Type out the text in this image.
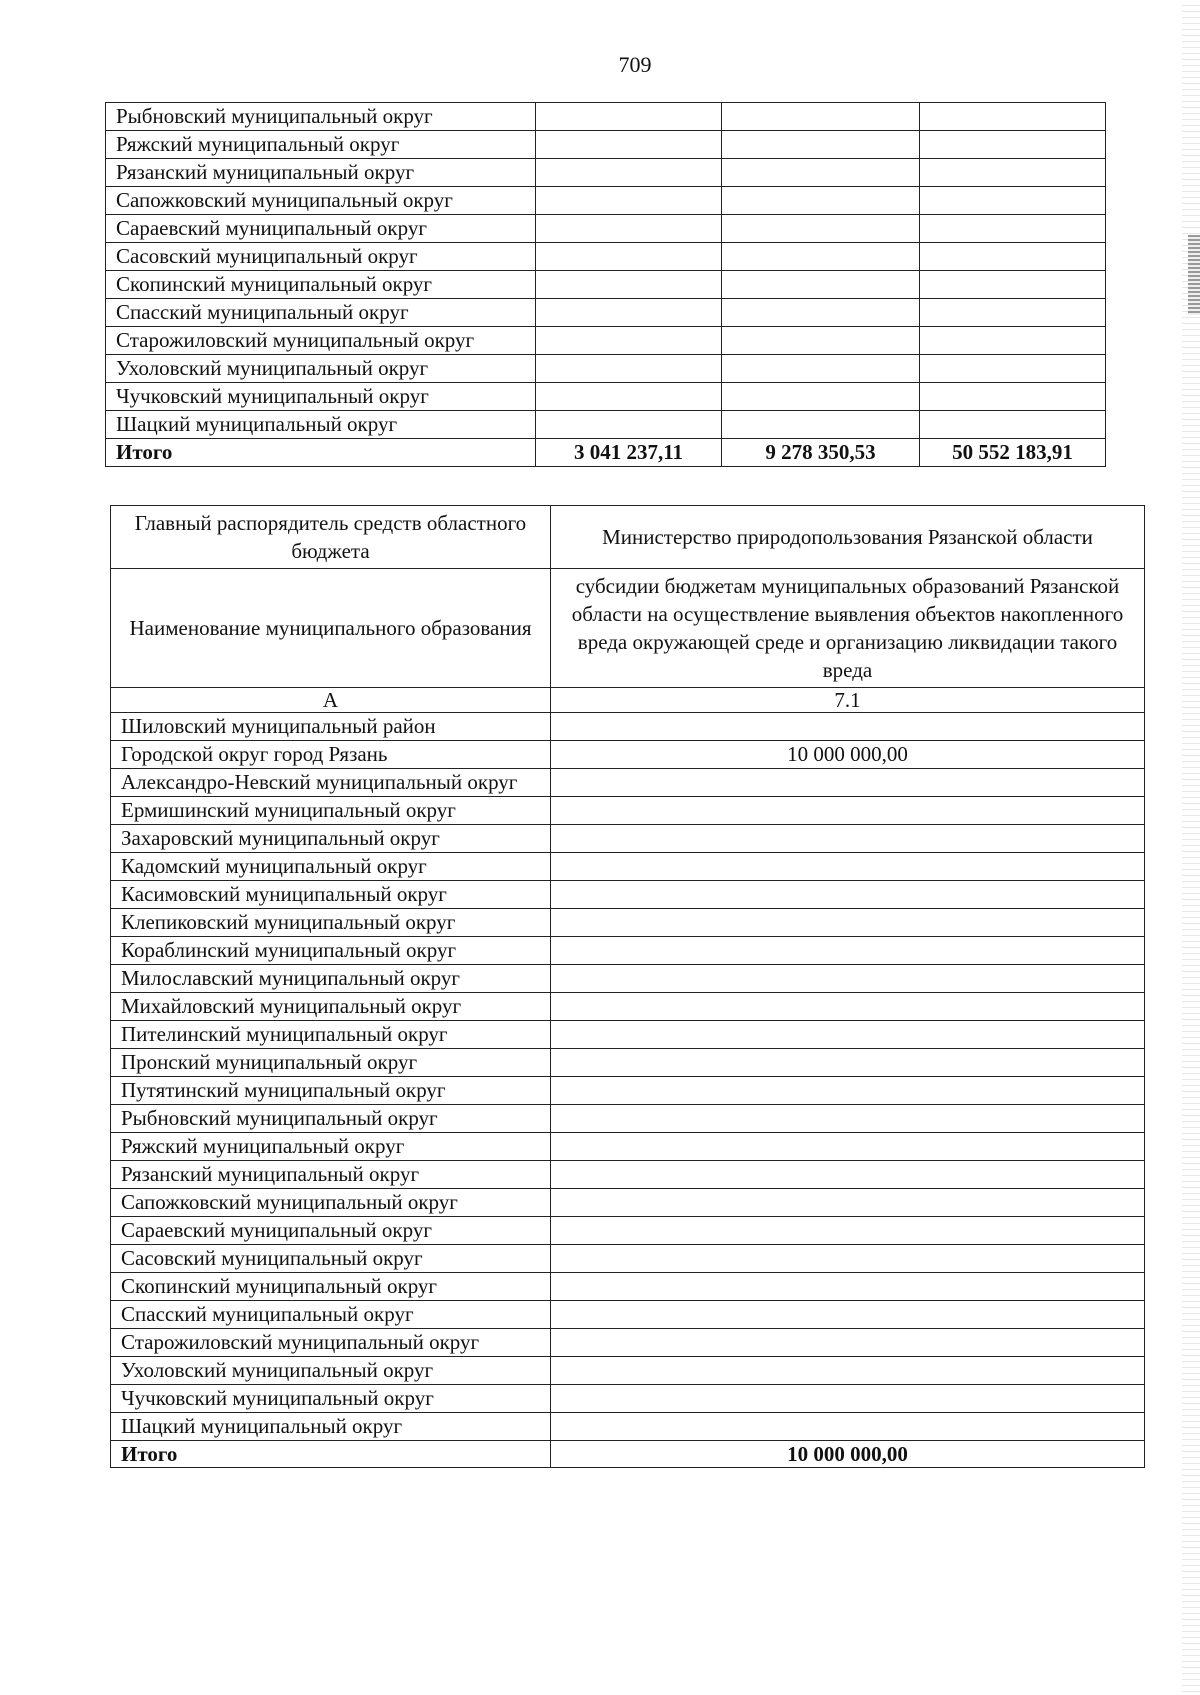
709
Рыбновский муниципальный округ			
Ряжский муниципальный округ			
Рязанский муниципальный округ			
Сапожковский муниципальный округ			
Сараевский муниципальный округ			
Сасовский муниципальный округ			
Скопинский муниципальный округ			
Спасский муниципальный округ			
Старожиловский муниципальный округ			
Ухоловский муниципальный округ			
Чучковский муниципальный округ			
Шацкий муниципальный округ			
Итого	3 041 237,11	9 278 350,53	50 552 183,91
Главный распорядитель средств областного бюджета	Министерство природопользования Рязанской области
Наименование муниципального образования	субсидии бюджетам муниципальных образований Рязанской области на осуществление выявления объектов накопленного вреда окружающей среде и организацию ликвидации такого вреда
А	7.1
Шиловский муниципальный район	
Городской округ город Рязань	10 000 000,00
Александро-Невский муниципальный округ	
Ермишинский муниципальный округ	
Захаровский муниципальный округ	
Кадомский муниципальный округ	
Касимовский муниципальный округ	
Клепиковский муниципальный округ	
Кораблинский муниципальный округ	
Милославский муниципальный округ	
Михайловский муниципальный округ	
Пителинский муниципальный округ	
Пронский муниципальный округ	
Путятинский муниципальный округ	
Рыбновский муниципальный округ	
Ряжский муниципальный округ	
Рязанский муниципальный округ	
Сапожковский муниципальный округ	
Сараевский муниципальный округ	
Сасовский муниципальный округ	
Скопинский муниципальный округ	
Спасский муниципальный округ	
Старожиловский муниципальный округ	
Ухоловский муниципальный округ	
Чучковский муниципальный округ	
Шацкий муниципальный округ	
Итого	10 000 000,00
